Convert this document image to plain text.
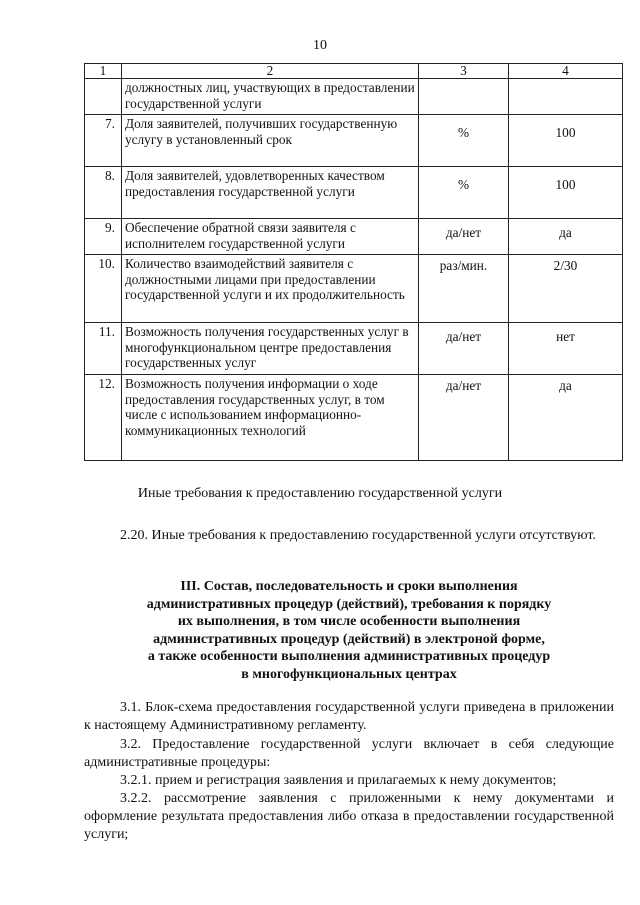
10
1	2	3	4
	должностных лиц, участвующих в предоставлении государственной услуги		
7.	Доля заявителей, получивших государственную услугу в установленный срок	%	100
8.	Доля заявителей, удовлетворенных качеством предоставления государственной услуги	%	100
9.	Обеспечение обратной связи заявителя с исполнителем государственной услуги	да/нет	да
10.	Количество взаимодействий заявителя с должностными лицами при предоставлении государственной услуги и их продолжительность	раз/мин.	2/30
11.	Возможность получения государственных услуг в многофункциональном центре предоставления государственных услуг	да/нет	нет
12.	Возможность получения информации о ходе предоставления государственных услуг, в том числе с использованием информационно-коммуникационных технологий	да/нет	да
Иные требования к предоставлению государственной услуги
2.20. Иные требования к предоставлению государственной услуги отсутствуют.
III. Состав, последовательность и сроки выполнения
административных процедур (действий), требования к порядку
их выполнения, в том числе особенности выполнения
административных процедур (действий) в электроной форме,
а также особенности выполнения административных процедур
в многофункциональных центрах
3.1. Блок-схема предоставления государственной услуги приведена в приложении к настоящему Административному регламенту.
3.2. Предоставление государственной услуги включает в себя следующие административные процедуры:
3.2.1. прием и регистрация заявления и прилагаемых к нему документов;
3.2.2. рассмотрение заявления с приложенными к нему документами и оформление результата предоставления либо отказа в предоставлении государственной услуги;
